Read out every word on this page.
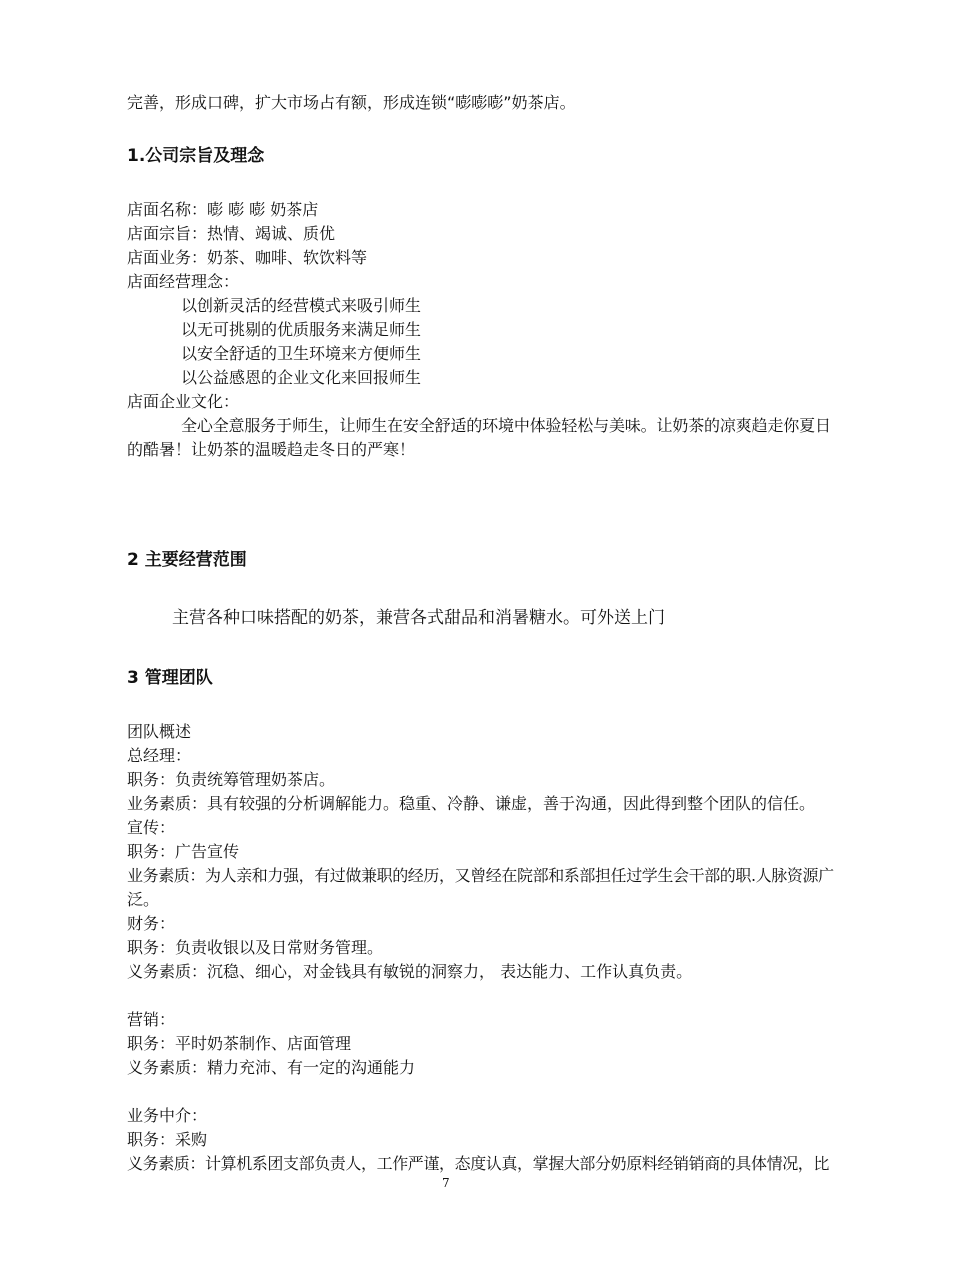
完善，形成口碑，扩大市场占有额，形成连锁“嘭嘭嘭”奶茶店。
1.公司宗旨及理念
店面名称：嘭 嘭 嘭 奶茶店
店面宗旨：热情、竭诚、质优
店面业务：奶茶、咖啡、软饮料等
店面经营理念：
以创新灵活的经营模式来吸引师生
以无可挑剔的优质服务来满足师生
以安全舒适的卫生环境来方便师生
以公益感恩的企业文化来回报师生
店面企业文化：
全心全意服务于师生，让师生在安全舒适的环境中体验轻松与美味。让奶茶的凉爽趋走你夏日
的酷暑！让奶茶的温暖趋走冬日的严寒！
2 主要经营范围
主营各种口味搭配的奶茶，兼营各式甜品和消暑糖水。可外送上门
3 管理团队
团队概述
总经理：
职务：负责统筹管理奶茶店。
业务素质：具有较强的分析调解能力。稳重、冷静、谦虚，善于沟通，因此得到整个团队的信任。
宣传：
职务：广告宣传
业务素质：为人亲和力强，有过做兼职的经历，又曾经在院部和系部担任过学生会干部的职.人脉资源广
泛。
财务：
职务：负责收银以及日常财务管理。
义务素质：沉稳、细心，对金钱具有敏锐的洞察力， 表达能力、工作认真负责。
营销：
职务：平时奶茶制作、店面管理
义务素质：精力充沛、有一定的沟通能力
业务中介：
职务：采购
义务素质：计算机系团支部负责人，工作严谨，态度认真，掌握大部分奶原料经销销商的具体情况，比
7
